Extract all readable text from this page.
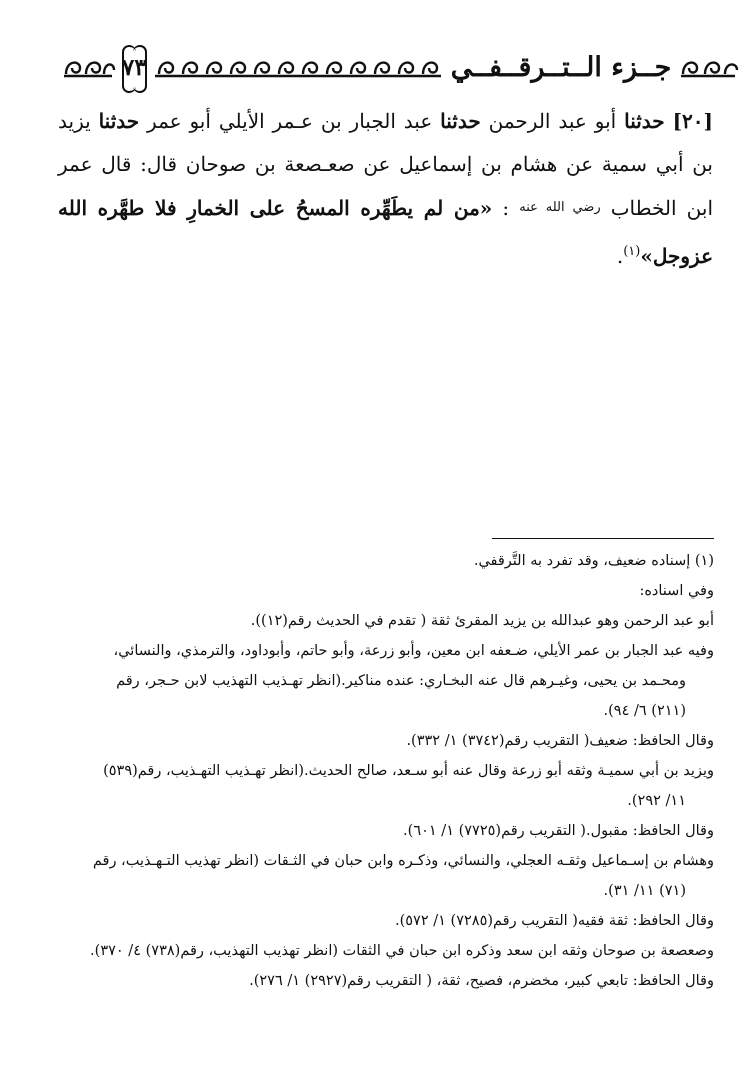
٧٣	جــزء الــتــرقــفــي
[٢٠] حدثنا أبو عبد الرحمن حدثنا عبد الجبار بن عـمر الأيلي أبو عمر حدثنا يزيد بن أبي سمية عن هشام بن إسماعيل عن صعـصعة بن صوحان قال: قال عمر ابن الخطاب $^{رضي الله عنه}$ : «من لم يطَهِّره المسحُ على الخمارِ فلا طهَّره الله عزوجل»$^{(١)}$.
(١) إسناده ضعيف، وقد تفرد به التَّرقفي.
وفي اسناده:
أبو عبد الرحمن وهو عبدالله بن يزيد المقرئ ثقة ( تقدم في الحديث رقم(١٢)).
وفيه عبد الجبار بن عمر الأيلي، ضـعفه ابن معين، وأبو زرعة، وأبو حاتم، وأبوداود، والترمذي، والنسائي،
ومحـمد بن يحيى، وغيـرهم قال عنه البخـاري: عنده مناكير.(انظر تهـذيب التهذيب لابن حـجر، رقم
(٢١١) ٦/ ٩٤).
وقال الحافظ: ضعيف( التقريب رقم(٣٧٤٢) ١/ ٣٣٢).
ويزيد بن أبي سميـة وثقه أبو زرعة وقال عنه أبو سـعد، صالح الحديث.(انظر تهـذيب التهـذيب، رقم(٥٣٩)
١١/ ٢٩٢).
وقال الحافظ: مقبول.( التقريب رقم(٧٧٢٥) ١/ ٦٠١).
وهشام بن إسـماعيل وثقـه العجلي، والنسائي، وذكـره وابن حبان في الثـقات (انظر تهذيب التـهـذيب، رقم
(٧١) ١١/ ٣١).
وقال الحافظ: ثقة فقيه( التقريب رقم(٧٢٨٥) ١/ ٥٧٢).
وصعصعة بن صوحان وثقه ابن سعد وذكره ابن حبان في الثقات (انظر تهذيب التهذيب، رقم(٧٣٨) ٤/ ٣٧٠).
وقال الحافظ: تابعي كبير، مخضرم، فصيح، ثقة، ( التقريب رقم(٢٩٢٧) ١/ ٢٧٦).
